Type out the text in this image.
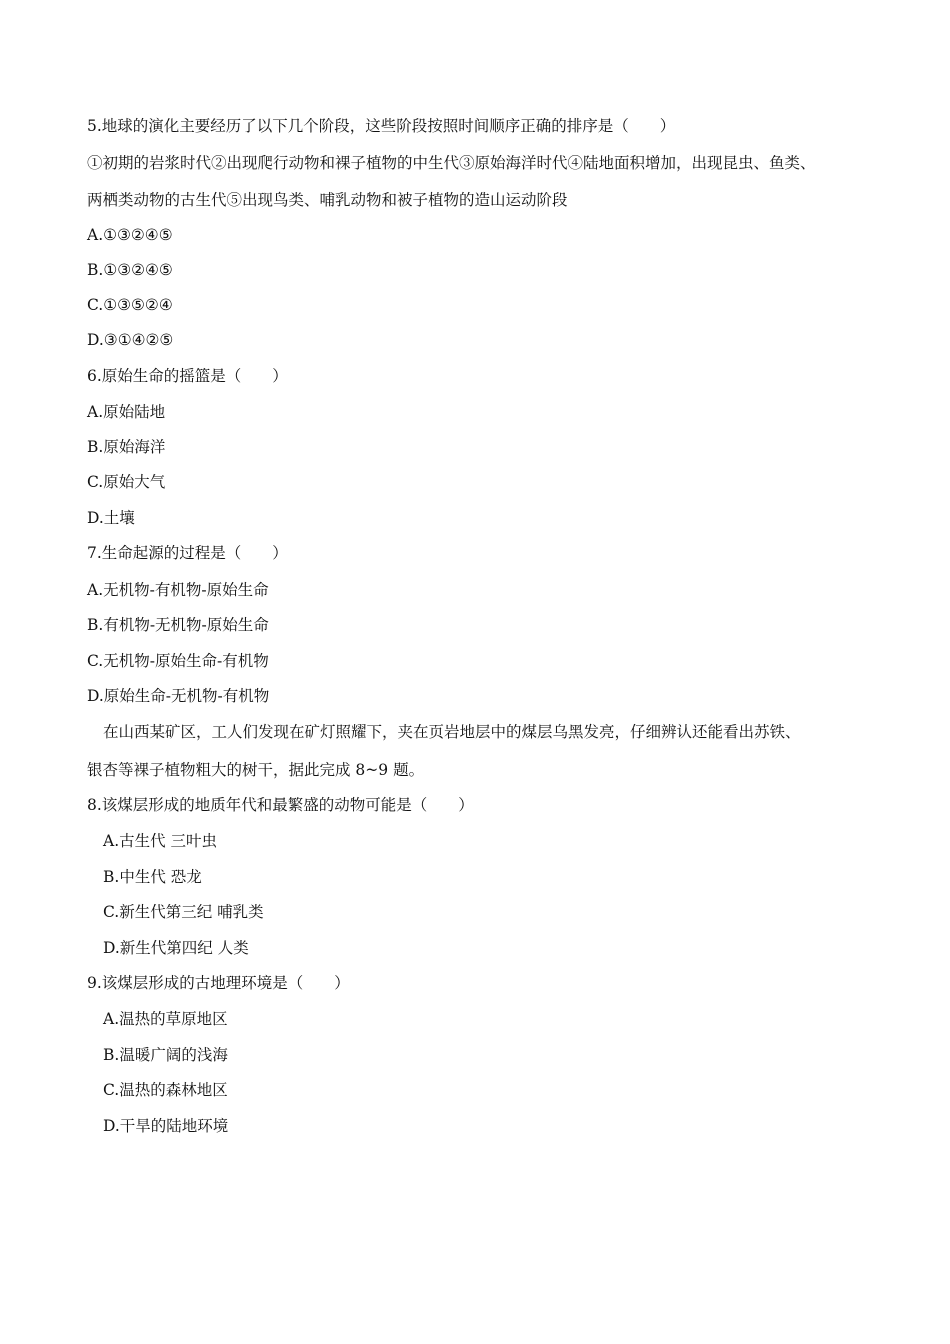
5.地球的演化主要经历了以下几个阶段，这些阶段按照时间顺序正确的排序是（　　）
①初期的岩浆时代②出现爬行动物和裸子植物的中生代③原始海洋时代④陆地面积增加，出现昆虫、鱼类、
两栖类动物的古生代⑤出现鸟类、哺乳动物和被子植物的造山运动阶段
A.①③②④⑤
B.①③②④⑤
C.①③⑤②④
D.③①④②⑤
6.原始生命的摇篮是（　　）
A.原始陆地
B.原始海洋
C.原始大气
D.土壤
7.生命起源的过程是（　　）
A.无机物-有机物-原始生命
B.有机物-无机物-原始生命
C.无机物-原始生命-有机物
D.原始生命-无机物-有机物
在山西某矿区，工人们发现在矿灯照耀下，夹在页岩地层中的煤层乌黑发亮，仔细辨认还能看出苏铁、
银杏等裸子植物粗大的树干，据此完成 8~9 题。
8.该煤层形成的地质年代和最繁盛的动物可能是（　　）
A.古生代 三叶虫
B.中生代 恐龙
C.新生代第三纪 哺乳类
D.新生代第四纪 人类
9.该煤层形成的古地理环境是（　　）
A.温热的草原地区
B.温暖广阔的浅海
C.温热的森林地区
D.干旱的陆地环境
